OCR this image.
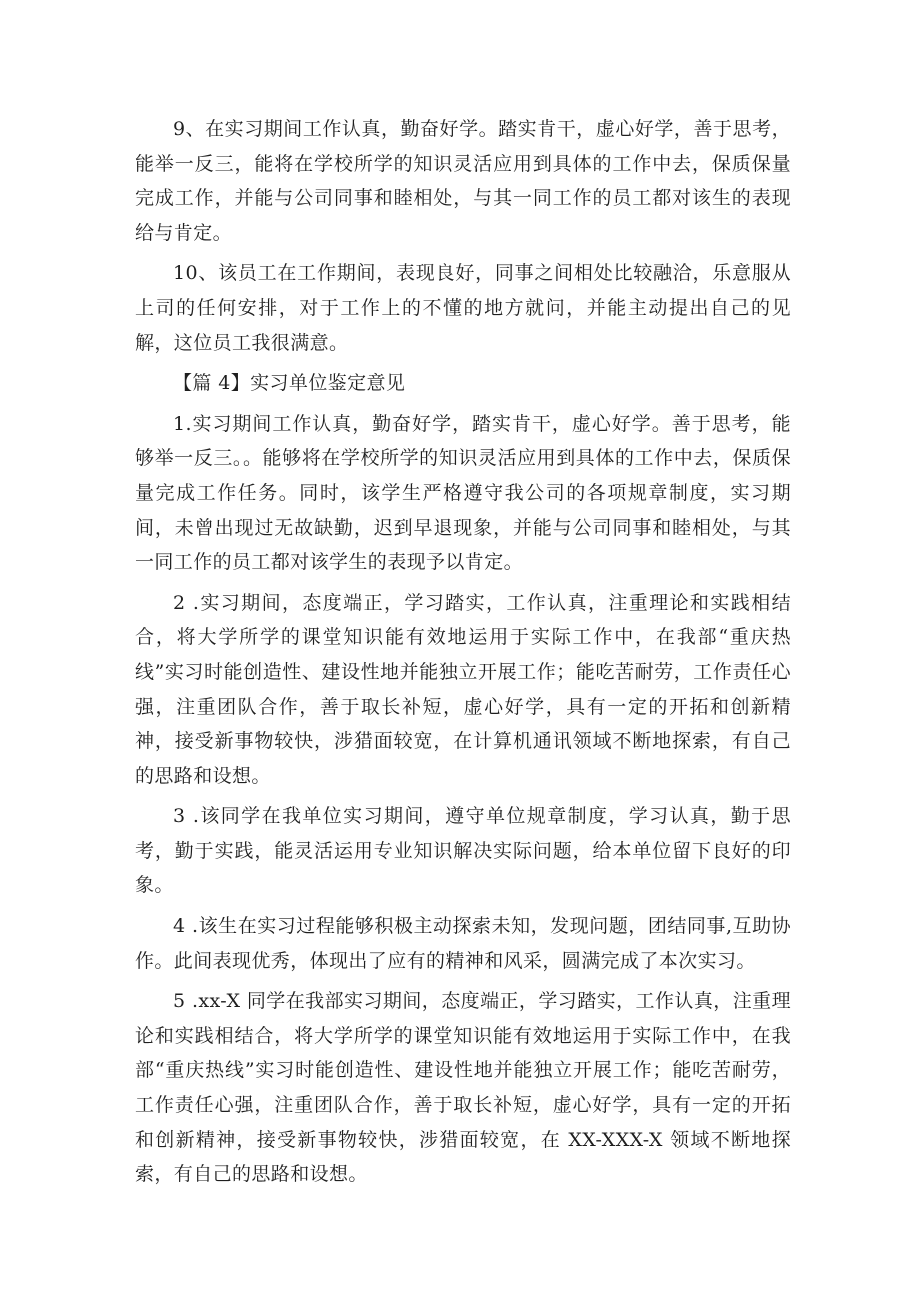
9、在实习期间工作认真，勤奋好学。踏实肯干，虚心好学，善于思考，能举一反三，能将在学校所学的知识灵活应用到具体的工作中去，保质保量完成工作，并能与公司同事和睦相处，与其一同工作的员工都对该生的表现给与肯定。

10、该员工在工作期间，表现良好，同事之间相处比较融洽，乐意服从上司的任何安排，对于工作上的不懂的地方就问，并能主动提出自己的见解，这位员工我很满意。

【篇 4】实习单位鉴定意见

1.实习期间工作认真，勤奋好学，踏实肯干，虚心好学。善于思考，能够举一反三。。能够将在学校所学的知识灵活应用到具体的工作中去，保质保量完成工作任务。同时，该学生严格遵守我公司的各项规章制度，实习期间，未曾出现过无故缺勤，迟到早退现象，并能与公司同事和睦相处，与其一同工作的员工都对该学生的表现予以肯定。

2 .实习期间，态度端正，学习踏实，工作认真，注重理论和实践相结合，将大学所学的课堂知识能有效地运用于实际工作中，在我部“重庆热线”实习时能创造性、建设性地并能独立开展工作；能吃苦耐劳，工作责任心强，注重团队合作，善于取长补短，虚心好学，具有一定的开拓和创新精神，接受新事物较快，涉猎面较宽，在计算机通讯领域不断地探索，有自己的思路和设想。

3 .该同学在我单位实习期间，遵守单位规章制度，学习认真，勤于思考，勤于实践，能灵活运用专业知识解决实际问题，给本单位留下良好的印象。

4 .该生在实习过程能够积极主动探索未知，发现问题，团结同事,互助协作。此间表现优秀，体现出了应有的精神和风采，圆满完成了本次实习。

5 .xx-X 同学在我部实习期间，态度端正，学习踏实，工作认真，注重理论和实践相结合，将大学所学的课堂知识能有效地运用于实际工作中，在我部“重庆热线”实习时能创造性、建设性地并能独立开展工作；能吃苦耐劳，工作责任心强，注重团队合作，善于取长补短，虚心好学，具有一定的开拓和创新精神，接受新事物较快，涉猎面较宽，在 XX-XXX-X 领域不断地探索，有自己的思路和设想。
